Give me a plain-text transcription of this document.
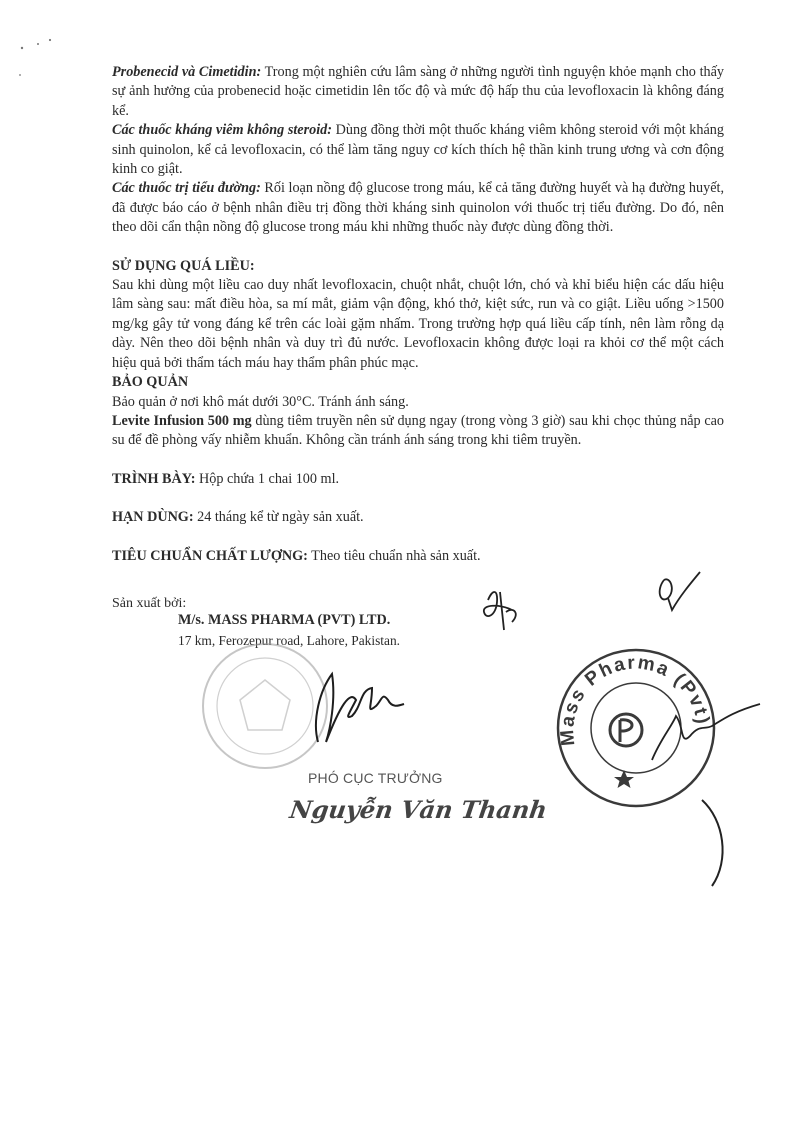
Probenecid và Cimetidin: Trong một nghiên cứu lâm sàng ở những người tình nguyện khỏe mạnh cho thấy sự ảnh hưởng của probenecid hoặc cimetidin lên tốc độ và mức độ hấp thu của levofloxacin là không đáng kể.

Các thuốc kháng viêm không steroid: Dùng đồng thời một thuốc kháng viêm không steroid với một kháng sinh quinolon, kể cả levofloxacin, có thể làm tăng nguy cơ kích thích hệ thần kinh trung ương và cơn động kinh co giật.

Các thuốc trị tiểu đường: Rối loạn nồng độ glucose trong máu, kể cả tăng đường huyết và hạ đường huyết, đã được báo cáo ở bệnh nhân điều trị đồng thời kháng sinh quinolon với thuốc trị tiểu đường. Do đó, nên theo dõi cẩn thận nồng độ glucose trong máu khi những thuốc này được dùng đồng thời.

SỬ DỤNG QUÁ LIỀU:

Sau khi dùng một liều cao duy nhất levofloxacin, chuột nhắt, chuột lớn, chó và khỉ biểu hiện các dấu hiệu lâm sàng sau: mất điều hòa, sa mí mắt, giảm vận động, khó thở, kiệt sức, run và co giật. Liều uống >1500 mg/kg gây tử vong đáng kể trên các loài gặm nhấm. Trong trường hợp quá liều cấp tính, nên làm rỗng dạ dày. Nên theo dõi bệnh nhân và duy trì đủ nước. Levofloxacin không được loại ra khỏi cơ thể một cách hiệu quả bởi thẩm tách máu hay thẩm phân phúc mạc.

BẢO QUẢN

Bảo quản ở nơi khô mát dưới 30°C. Tránh ánh sáng.

Levite Infusion 500 mg dùng tiêm truyền nên sử dụng ngay (trong vòng 3 giờ) sau khi chọc thủng nắp cao su để đề phòng vấy nhiễm khuẩn. Không cần tránh ánh sáng trong khi tiêm truyền.

TRÌNH BÀY: Hộp chứa 1 chai 100 ml.

HẠN DÙNG: 24 tháng kể từ ngày sản xuất.

TIÊU CHUẨN CHẤT LƯỢNG: Theo tiêu chuẩn nhà sản xuất.

Sản xuất bởi:
M/s. MASS PHARMA (PVT) LTD.
17 km, Ferozepur road, Lahore, Pakistan.
PHÓ CỤC TRƯỞNG
Nguyễn Văn Thanh
Mass Pharma (Pvt)
